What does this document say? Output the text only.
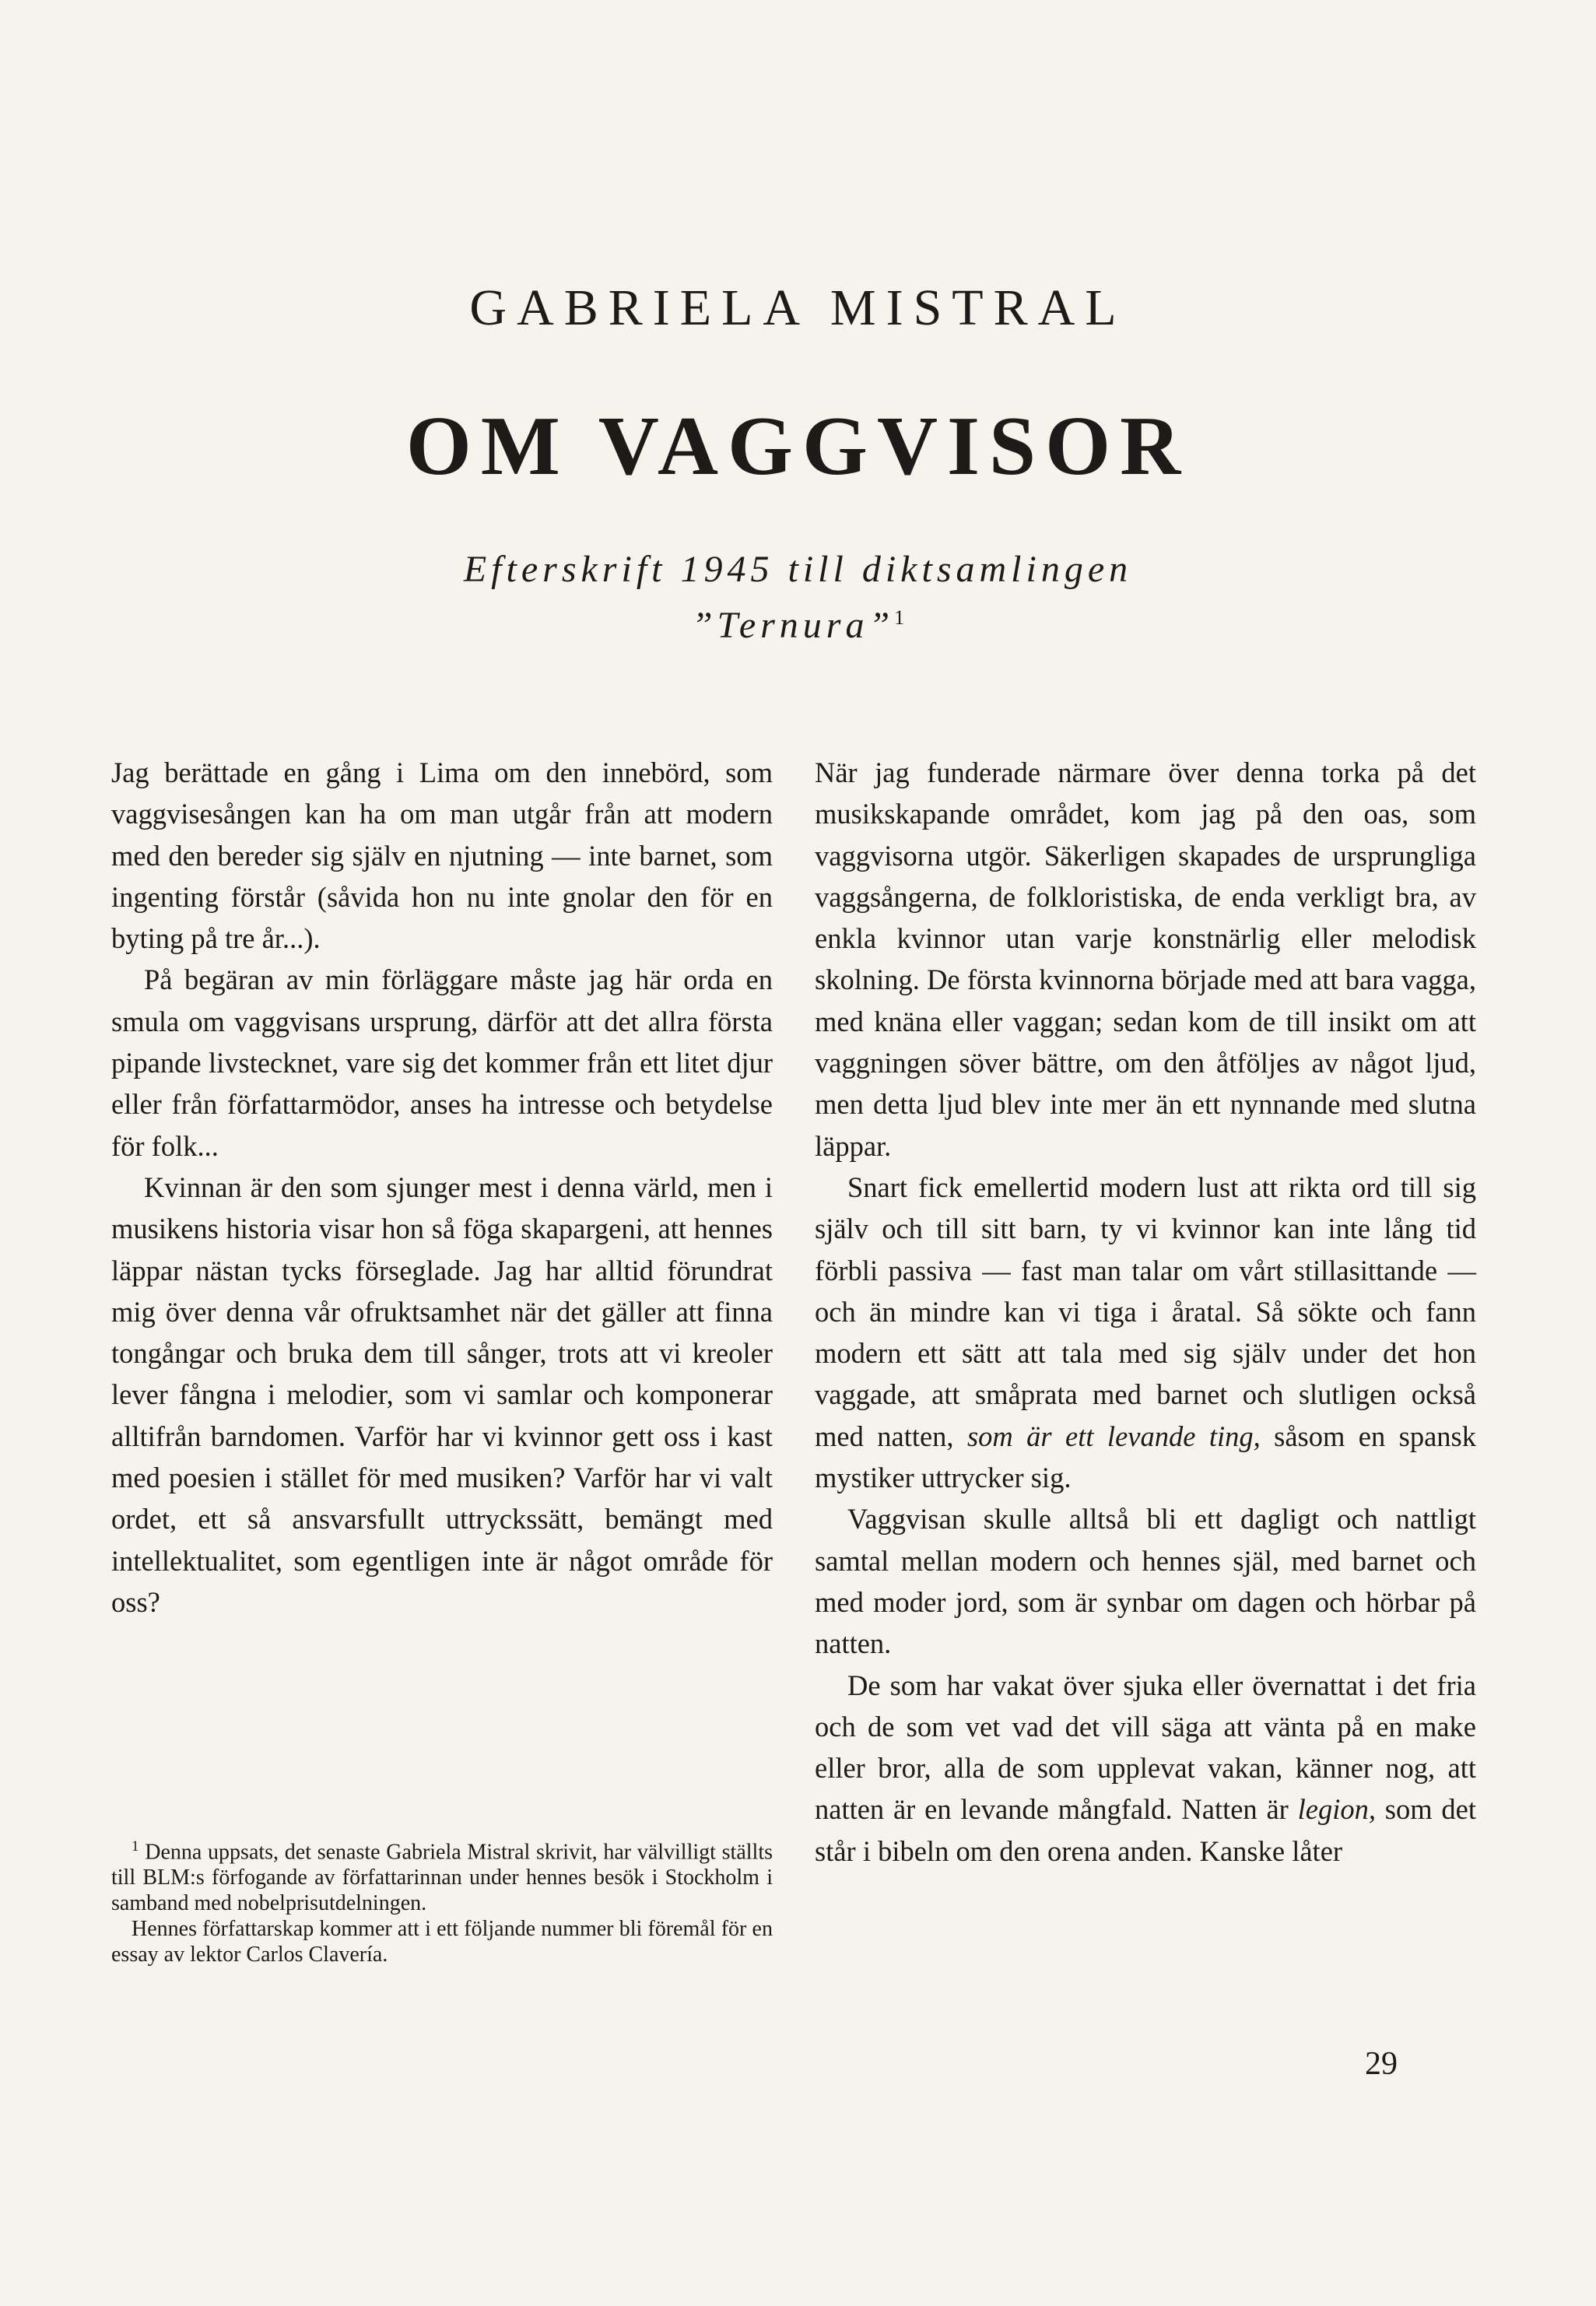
GABRIELA MISTRAL
OM VAGGVISOR
Efterskrift 1945 till diktsamlingen
”Ternura”$^1$

Jag berättade en gång i Lima om den innebörd, som vaggvisesången kan ha om man utgår från att modern med den bereder sig själv en njutning — inte barnet, som ingenting förstår (såvida hon nu inte gnolar den för en byting på tre år...).

På begäran av min förläggare måste jag här orda en smula om vaggvisans ursprung, därför att det allra första pipande livstecknet, vare sig det kommer från ett litet djur eller från författarmödor, anses ha intresse och betydelse för folk...

Kvinnan är den som sjunger mest i denna värld, men i musikens historia visar hon så föga skapargeni, att hennes läppar nästan tycks förseglade. Jag har alltid förundrat mig över denna vår ofruktsamhet när det gäller att finna tongångar och bruka dem till sånger, trots att vi kreoler lever fångna i melodier, som vi samlar och komponerar alltifrån barndomen. Varför har vi kvinnor gett oss i kast med poesien i stället för med musiken? Varför har vi valt ordet, ett så ansvarsfullt uttryckssätt, bemängt med intellektualitet, som egentligen inte är något område för oss?

När jag funderade närmare över denna torka på det musikskapande området, kom jag på den oas, som vaggvisorna utgör. Säkerligen skapades de ursprungliga vaggsångerna, de folkloristiska, de enda verkligt bra, av enkla kvinnor utan varje konstnärlig eller melodisk skolning. De första kvinnorna började med att bara vagga, med knäna eller vaggan; sedan kom de till insikt om att vaggningen söver bättre, om den åtföljes av något ljud, men detta ljud blev inte mer än ett nynnande med slutna läppar.

Snart fick emellertid modern lust att rikta ord till sig själv och till sitt barn, ty vi kvinnor kan inte lång tid förbli passiva — fast man talar om vårt stillasittande — och än mindre kan vi tiga i åratal. Så sökte och fann modern ett sätt att tala med sig själv under det hon vaggade, att småprata med barnet och slutligen också med natten, som är ett levande ting, såsom en spansk mystiker uttrycker sig.

Vaggvisan skulle alltså bli ett dagligt och nattligt samtal mellan modern och hennes själ, med barnet och med moder jord, som är synbar om dagen och hörbar på natten.

De som har vakat över sjuka eller övernattat i det fria och de som vet vad det vill säga att vänta på en make eller bror, alla de som upplevat vakan, känner nog, att natten är en levande mångfald. Natten är legion, som det står i bibeln om den orena anden. Kanske låter

$^1$ Denna uppsats, det senaste Gabriela Mistral skrivit, har välvilligt ställts till BLM:s förfogande av författarinnan under hennes besök i Stockholm i samband med nobelprisutdelningen.

Hennes författarskap kommer att i ett följande nummer bli föremål för en essay av lektor Carlos Clavería.

29
